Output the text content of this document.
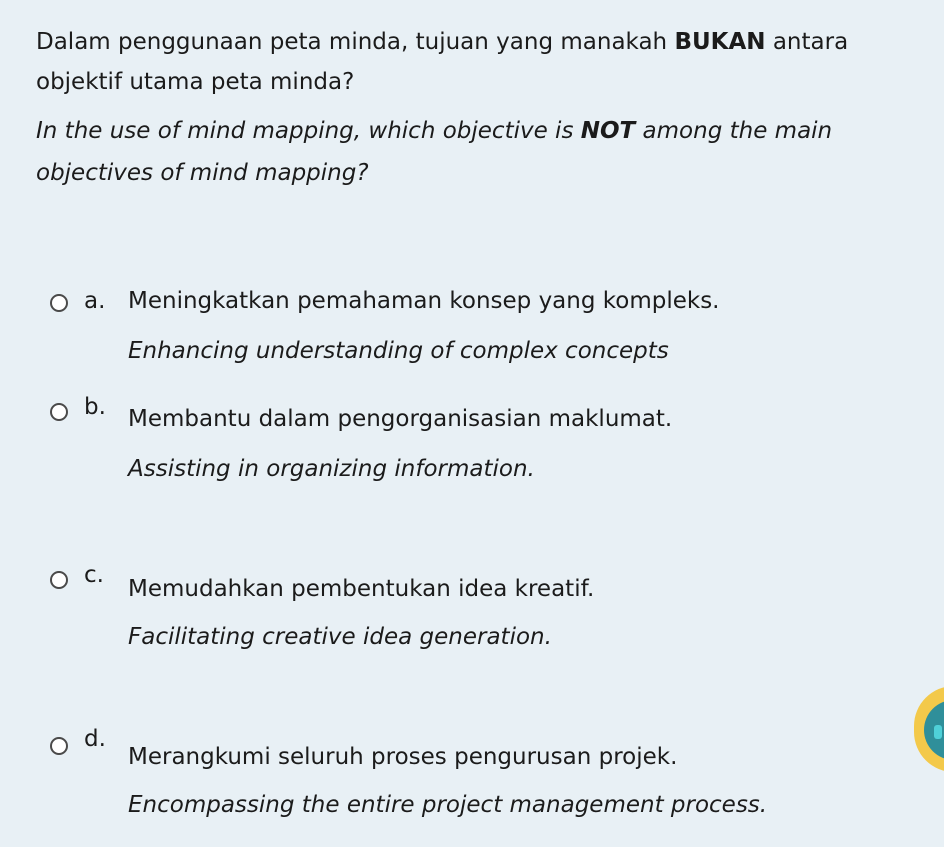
Dalam penggunaan peta minda, tujuan yang manakah BUKAN antara objektif utama peta minda?

In the use of mind mapping, which objective is NOT among the main objectives of mind mapping?

a. Meningkatkan pemahaman konsep yang kompleks.
Enhancing understanding of complex concepts
b. Membantu dalam pengorganisasian maklumat.
Assisting in organizing information.
c.
Memudahkan pembentukan idea kreatif.
Facilitating creative idea generation.
d.
Merangkumi seluruh proses pengurusan projek.
Encompassing the entire project management process.
